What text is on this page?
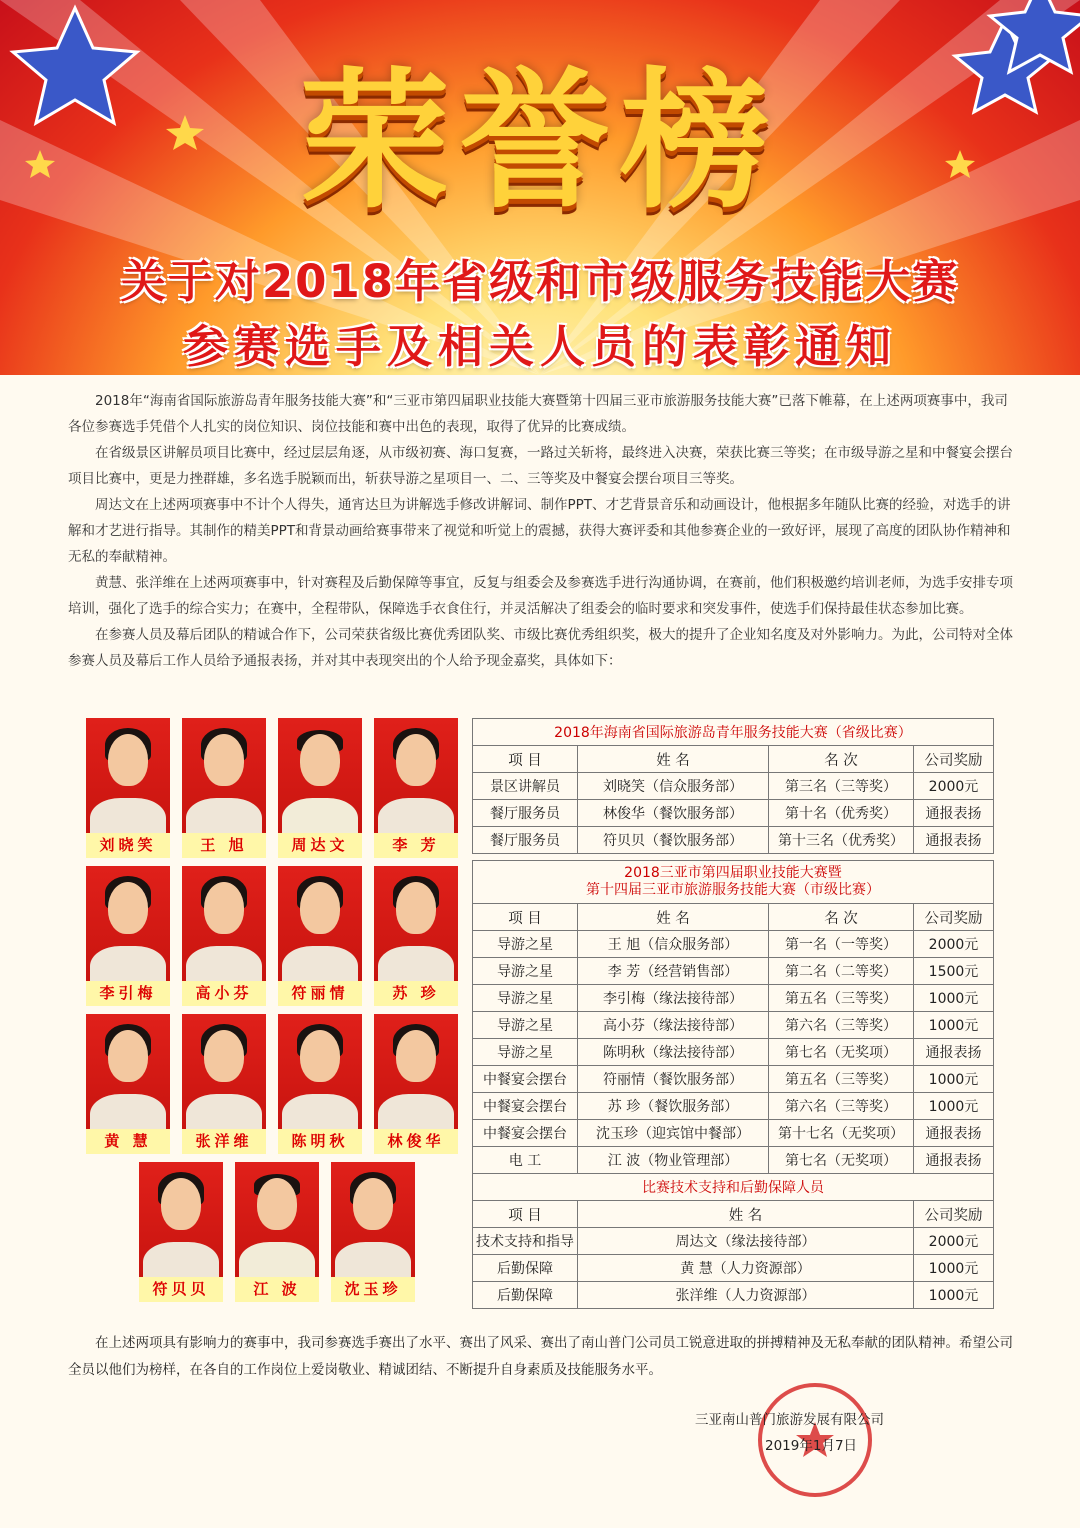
荣誉榜
关于对2018年省级和市级服务技能大赛
参赛选手及相关人员的表彰通知

2018年“海南省国际旅游岛青年服务技能大赛”和“三亚市第四届职业技能大赛暨第十四届三亚市旅游服务技能大赛”已落下帷幕，在上述两项赛事中，我司各位参赛选手凭借个人扎实的岗位知识、岗位技能和赛中出色的表现，取得了优异的比赛成绩。

在省级景区讲解员项目比赛中，经过层层角逐，从市级初赛、海口复赛，一路过关斩将，最终进入决赛，荣获比赛三等奖；在市级导游之星和中餐宴会摆台项目比赛中，更是力挫群雄，多名选手脱颖而出，斩获导游之星项目一、二、三等奖及中餐宴会摆台项目三等奖。

周达文在上述两项赛事中不计个人得失，通宵达旦为讲解选手修改讲解词、制作PPT、才艺背景音乐和动画设计，他根据多年随队比赛的经验，对选手的讲解和才艺进行指导。其制作的精美PPT和背景动画给赛事带来了视觉和听觉上的震撼，获得大赛评委和其他参赛企业的一致好评，展现了高度的团队协作精神和无私的奉献精神。

黄慧、张洋维在上述两项赛事中，针对赛程及后勤保障等事宜，反复与组委会及参赛选手进行沟通协调，在赛前，他们积极邀约培训老师，为选手安排专项培训，强化了选手的综合实力；在赛中，全程带队，保障选手衣食住行，并灵活解决了组委会的临时要求和突发事件，使选手们保持最佳状态参加比赛。

在参赛人员及幕后团队的精诚合作下，公司荣获省级比赛优秀团队奖、市级比赛优秀组织奖，极大的提升了企业知名度及对外影响力。为此，公司特对全体参赛人员及幕后工作人员给予通报表扬，并对其中表现突出的个人给予现金嘉奖，具体如下：

刘晓笑	王 旭	周达文	李 芳
李引梅	高小芬	符丽情	苏 珍
黄 慧	张洋维	陈明秋	林俊华
符贝贝	江 波	沈玉珍
2018年海南省国际旅游岛青年服务技能大赛（省级比赛）			
项 目	姓 名	名 次	公司奖励
景区讲解员	刘晓笑（信众服务部）	第三名（三等奖）	2000元
餐厅服务员	林俊华（餐饮服务部）	第十名（优秀奖）	通报表扬
餐厅服务员	符贝贝（餐饮服务部）	第十三名（优秀奖）	通报表扬
2018三亚市第四届职业技能大赛暨
第十四届三亚市旅游服务技能大赛（市级比赛）			
项 目	姓 名	名 次	公司奖励
导游之星	王 旭（信众服务部）	第一名（一等奖）	2000元
导游之星	李 芳（经营销售部）	第二名（二等奖）	1500元
导游之星	李引梅（缘法接待部）	第五名（三等奖）	1000元
导游之星	高小芬（缘法接待部）	第六名（三等奖）	1000元
导游之星	陈明秋（缘法接待部）	第七名（无奖项）	通报表扬
中餐宴会摆台	符丽情（餐饮服务部）	第五名（三等奖）	1000元
中餐宴会摆台	苏 珍（餐饮服务部）	第六名（三等奖）	1000元
中餐宴会摆台	沈玉珍（迎宾馆中餐部）	第十七名（无奖项）	通报表扬
电 工	江 波（物业管理部）	第七名（无奖项）	通报表扬
比赛技术支持和后勤保障人员			
项 目	姓 名		公司奖励
技术支持和指导	周达文（缘法接待部）		2000元
后勤保障	黄 慧（人力资源部）		1000元
后勤保障	张洋维（人力资源部）		1000元

在上述两项具有影响力的赛事中，我司参赛选手赛出了水平、赛出了风采、赛出了南山普门公司员工锐意进取的拼搏精神及无私奉献的团队精神。希望公司全员以他们为榜样，在各自的工作岗位上爱岗敬业、精诚团结、不断提升自身素质及技能服务水平。

三亚南山普门旅游发展有限公司
2019年1月7日
